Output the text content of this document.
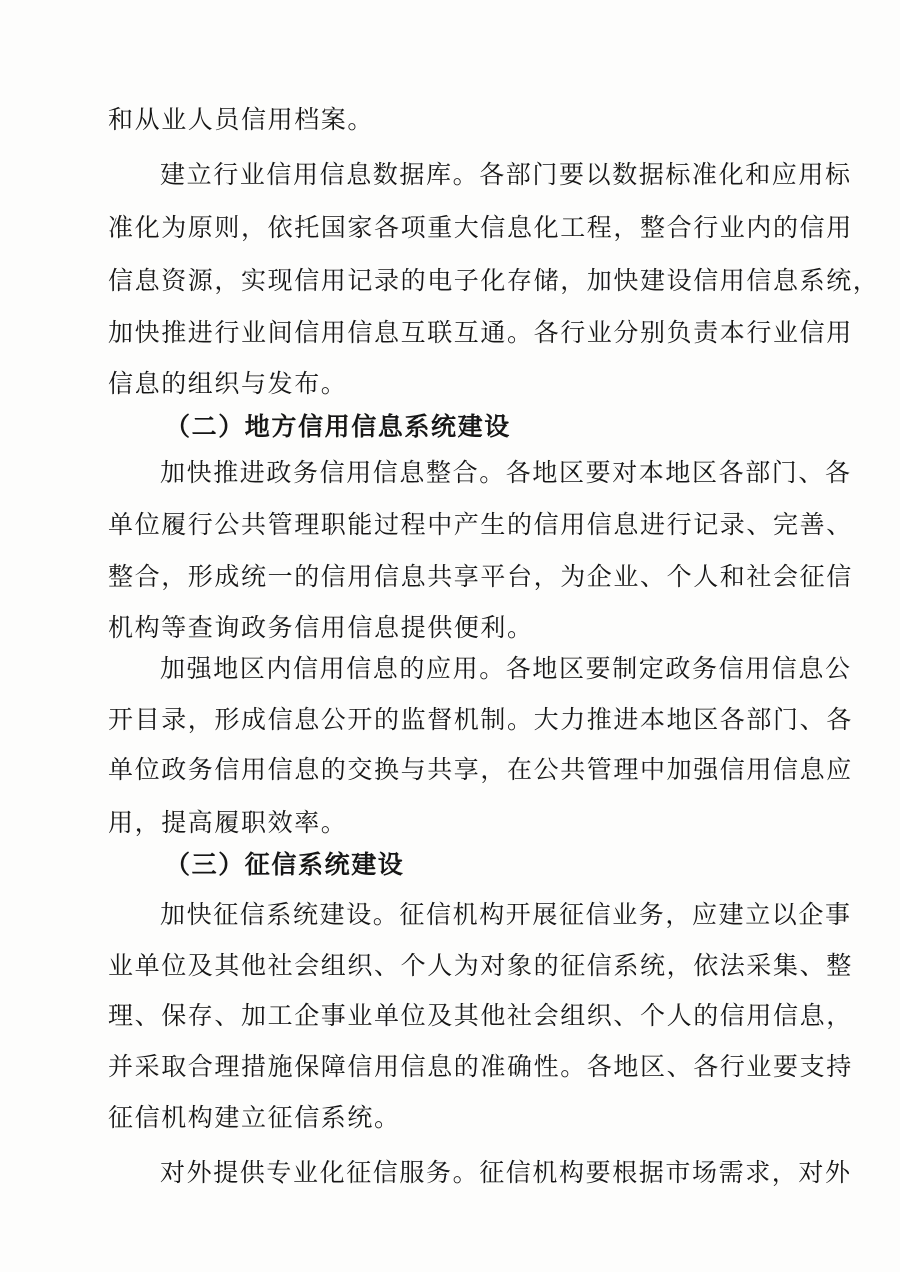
和从业人员信用档案。
建立行业信用信息数据库。各部门要以数据标准化和应用标
准化为原则，依托国家各项重大信息化工程，整合行业内的信用
信息资源，实现信用记录的电子化存储，加快建设信用信息系统，
加快推进行业间信用信息互联互通。各行业分别负责本行业信用
信息的组织与发布。
（二）地方信用信息系统建设
加快推进政务信用信息整合。各地区要对本地区各部门、各
单位履行公共管理职能过程中产生的信用信息进行记录、完善、
整合，形成统一的信用信息共享平台，为企业、个人和社会征信
机构等查询政务信用信息提供便利。
加强地区内信用信息的应用。各地区要制定政务信用信息公
开目录，形成信息公开的监督机制。大力推进本地区各部门、各
单位政务信用信息的交换与共享，在公共管理中加强信用信息应
用，提高履职效率。
（三）征信系统建设
加快征信系统建设。征信机构开展征信业务，应建立以企事
业单位及其他社会组织、个人为对象的征信系统，依法采集、整
理、保存、加工企事业单位及其他社会组织、个人的信用信息，
并采取合理措施保障信用信息的准确性。各地区、各行业要支持
征信机构建立征信系统。
对外提供专业化征信服务。征信机构要根据市场需求，对外
